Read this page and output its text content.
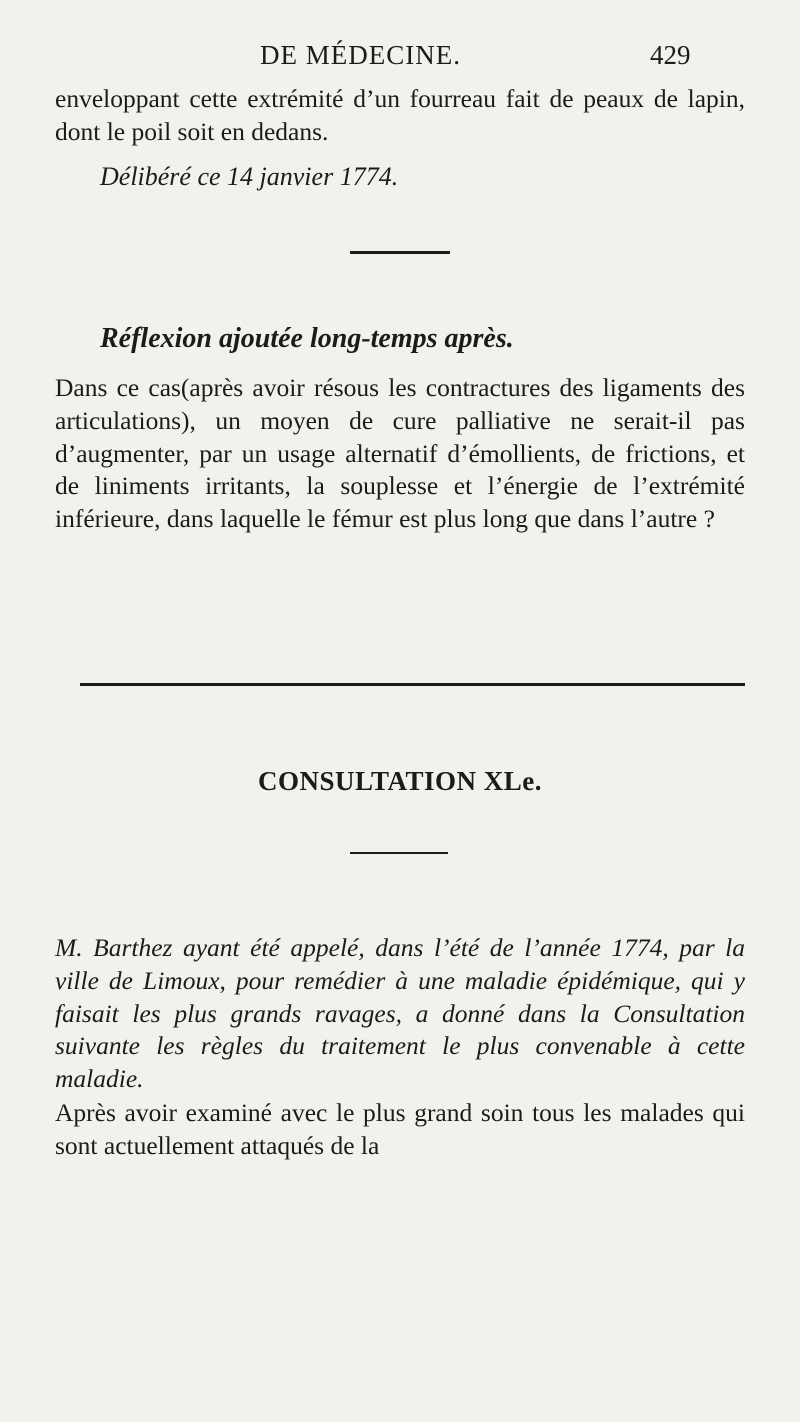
DE MÉDECINE.	429

enveloppant cette extrémité d’un fourreau fait de peaux de lapin, dont le poil soit en dedans.

Délibéré ce 14 janvier 1774.

Réflexion ajoutée long-temps après.

Dans ce cas(après avoir résous les contractures des ligaments des articulations), un moyen de cure palliative ne serait-il pas d’augmenter, par un usage alternatif d’émollients, de frictions, et de liniments irritants, la souplesse et l’énergie de l’extrémité inférieure, dans laquelle le fémur est plus long que dans l’autre ?

CONSULTATION XLe.

M. Barthez ayant été appelé, dans l’été de l’année 1774, par la ville de Limoux, pour remédier à une maladie épidémique, qui y faisait les plus grands ravages, a donné dans la Consultation suivante les règles du traitement le plus convenable à cette maladie.

Après avoir examiné avec le plus grand soin tous les malades qui sont actuellement attaqués de la
